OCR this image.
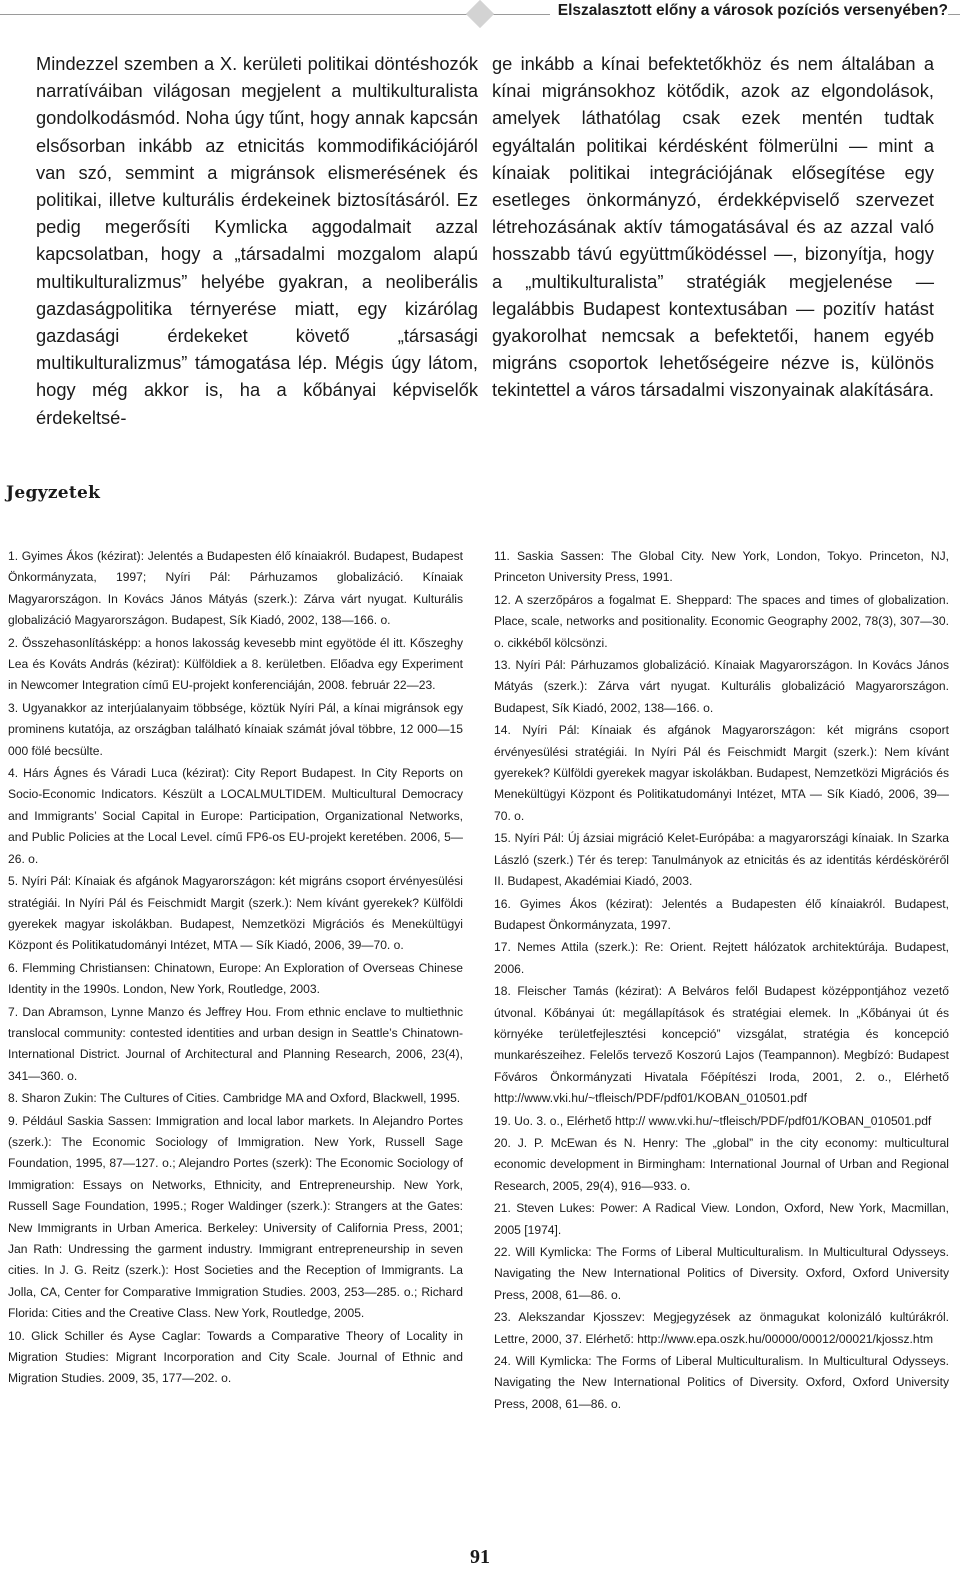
Elszalasztott előny a városok pozíciós versenyében?

Mindezzel szemben a X. kerületi politikai döntéshozók narratíváiban világosan megjelent a multikulturalista gondolkodásmód. Noha úgy tűnt, hogy annak kapcsán elsősorban inkább az etnicitás kommodifikációjáról van szó, semmint a migránsok elismerésének és politikai, illetve kulturális érdekeinek biztosításáról. Ez pedig megerősíti Kymlicka aggodalmait azzal kapcsolatban, hogy a „társadalmi mozgalom alapú multikulturalizmus” helyébe gyakran, a neoliberális gazdaságpolitika térnyerése miatt, egy kizárólag gazdasági érdekeket követő „társasági multikulturalizmus” támogatása lép. Mégis úgy látom, hogy még akkor is, ha a kőbányai képviselők érdekeltsé-

ge inkább a kínai befektetőkhöz és nem általában a kínai migránsokhoz kötődik, azok az elgondolások, amelyek láthatólag csak ezek mentén tudtak egyáltalán politikai kérdésként fölmerülni — mint a kínaiak politikai integrációjának elősegítése egy esetleges önkormányzó, érdekképviselő szervezet létrehozásának aktív támogatásával és az azzal való hosszabb távú együttműködéssel —, bizonyítja, hogy a „multikulturalista” stratégiák megjelenése — legalábbis Budapest kontextusában — pozitív hatást gyakorolhat nemcsak a befektetői, hanem egyéb migráns csoportok lehetőségeire nézve is, különös tekintettel a város társadalmi viszonyainak alakítására.

Jegyzetek

1. Gyimes Ákos (kézirat): Jelentés a Budapesten élő kínaiakról. Budapest, Budapest Önkormányzata, 1997; Nyíri Pál: Párhuzamos globalizáció. Kínaiak Magyarországon. In Kovács János Mátyás (szerk.): Zárva várt nyugat. Kulturális globalizáció Magyarországon. Budapest, Sík Kiadó, 2002, 138—166. o.

2. Összehasonlításképp: a honos lakosság kevesebb mint egyötöde él itt. Kőszeghy Lea és Kováts András (kézirat): Külföldiek a 8. kerületben. Előadva egy Experiment in Newcomer Integration című EU-projekt konferenciáján, 2008. február 22—23.

3. Ugyanakkor az interjúalanyaim többsége, köztük Nyíri Pál, a kínai migránsok egy prominens kutatója, az országban található kínaiak számát jóval többre, 12 000—15 000 fölé becsülte.

4. Hárs Ágnes és Váradi Luca (kézirat): City Report Budapest. In City Reports on Socio-Economic Indicators. Készült a LOCALMULTIDEM. Multicultural Democracy and Immigrants’ Social Capital in Europe: Participation, Organizational Networks, and Public Policies at the Local Level. című FP6-os EU-projekt keretében. 2006, 5—26. o.

5. Nyíri Pál: Kínaiak és afgánok Magyarországon: két migráns csoport érvényesülési stratégiái. In Nyíri Pál és Feischmidt Margit (szerk.): Nem kívánt gyerekek? Külföldi gyerekek magyar iskolákban. Budapest, Nemzetközi Migrációs és Menekültügyi Központ és Politikatudományi Intézet, MTA — Sík Kiadó, 2006, 39—70. o.

6. Flemming Christiansen: Chinatown, Europe: An Exploration of Overseas Chinese Identity in the 1990s. London, New York, Routledge, 2003.

7. Dan Abramson, Lynne Manzo és Jeffrey Hou. From ethnic enclave to multiethnic translocal community: contested identities and urban design in Seattle’s Chinatown-International District. Journal of Architectural and Planning Research, 2006, 23(4), 341—360. o.

8. Sharon Zukin: The Cultures of Cities. Cambridge MA and Oxford, Blackwell, 1995.

9. Például Saskia Sassen: Immigration and local labor markets. In Alejandro Portes (szerk.): The Economic Sociology of Immigration. New York, Russell Sage Foundation, 1995, 87—127. o.; Alejandro Portes (szerk): The Economic Sociology of Immigration: Essays on Networks, Ethnicity, and Entrepreneurship. New York, Russell Sage Foundation, 1995.; Roger Waldinger (szerk.): Strangers at the Gates: New Immigrants in Urban America. Berkeley: University of California Press, 2001; Jan Rath: Undressing the garment industry. Immigrant entrepreneurship in seven cities. In J. G. Reitz (szerk.): Host Societies and the Reception of Immigrants. La Jolla, CA, Center for Comparative Immigration Studies. 2003, 253—285. o.; Richard Florida: Cities and the Creative Class. New York, Routledge, 2005.

10. Glick Schiller és Ayse Caglar: Towards a Comparative Theory of Locality in Migration Studies: Migrant Incorporation and City Scale. Journal of Ethnic and Migration Studies. 2009, 35, 177—202. o.

11. Saskia Sassen: The Global City. New York, London, Tokyo. Princeton, NJ, Princeton University Press, 1991.

12. A szerzőpáros a fogalmat E. Sheppard: The spaces and times of globalization. Place, scale, networks and positionality. Economic Geography 2002, 78(3), 307—30. o. cikkéből kölcsönzi.

13. Nyíri Pál: Párhuzamos globalizáció. Kínaiak Magyarországon. In Kovács János Mátyás (szerk.): Zárva várt nyugat. Kulturális globalizáció Magyarországon. Budapest, Sík Kiadó, 2002, 138—166. o.

14. Nyíri Pál: Kínaiak és afgánok Magyarországon: két migráns csoport érvényesülési stratégiái. In Nyíri Pál és Feischmidt Margit (szerk.): Nem kívánt gyerekek? Külföldi gyerekek magyar iskolákban. Budapest, Nemzetközi Migrációs és Menekültügyi Központ és Politikatudományi Intézet, MTA — Sík Kiadó, 2006, 39—70. o.

15. Nyíri Pál: Új ázsiai migráció Kelet-Európába: a magyarországi kínaiak. In Szarka László (szerk.) Tér és terep: Tanulmányok az etnicitás és az identitás kérdésköréről II. Budapest, Akadémiai Kiadó, 2003.

16. Gyimes Ákos (kézirat): Jelentés a Budapesten élő kínaiakról. Budapest, Budapest Önkormányzata, 1997.

17. Nemes Attila (szerk.): Re: Orient. Rejtett hálózatok architektúrája. Budapest, 2006.

18. Fleischer Tamás (kézirat): A Belváros felől Budapest középpontjához vezető útvonal. Kőbányai út: megállapítások és stratégiai elemek. In „Kőbányai út és környéke területfejlesztési koncepció” vizsgálat, stratégia és koncepció munkarészeihez. Felelős tervező Koszorú Lajos (Teampannon). Megbízó: Budapest Főváros Önkormányzati Hivatala Főépítészi Iroda, 2001, 2. o., Elérhető http://www.vki.hu/~tfleisch/PDF/pdf01/KOBAN_010501.pdf

19. Uo. 3. o., Elérhető http:// www.vki.hu/~tfleisch/PDF/pdf01/KOBAN_010501.pdf

20. J. P. McEwan és N. Henry: The „global” in the city economy: multicultural economic development in Birmingham: International Journal of Urban and Regional Research, 2005, 29(4), 916—933. o.

21. Steven Lukes: Power: A Radical View. London, Oxford, New York, Macmillan, 2005 [1974].

22. Will Kymlicka: The Forms of Liberal Multiculturalism. In Multicultural Odysseys. Navigating the New International Politics of Diversity. Oxford, Oxford University Press, 2008, 61—86. o.

23. Alekszandar Kjosszev: Megjegyzések az önmagukat kolonizáló kultúrákról. Lettre, 2000, 37. Elérhető: http://www.epa.oszk.hu/00000/00012/00021/kjossz.htm

24. Will Kymlicka: The Forms of Liberal Multiculturalism. In Multicultural Odysseys. Navigating the New International Politics of Diversity. Oxford, Oxford University Press, 2008, 61—86. o.

91
